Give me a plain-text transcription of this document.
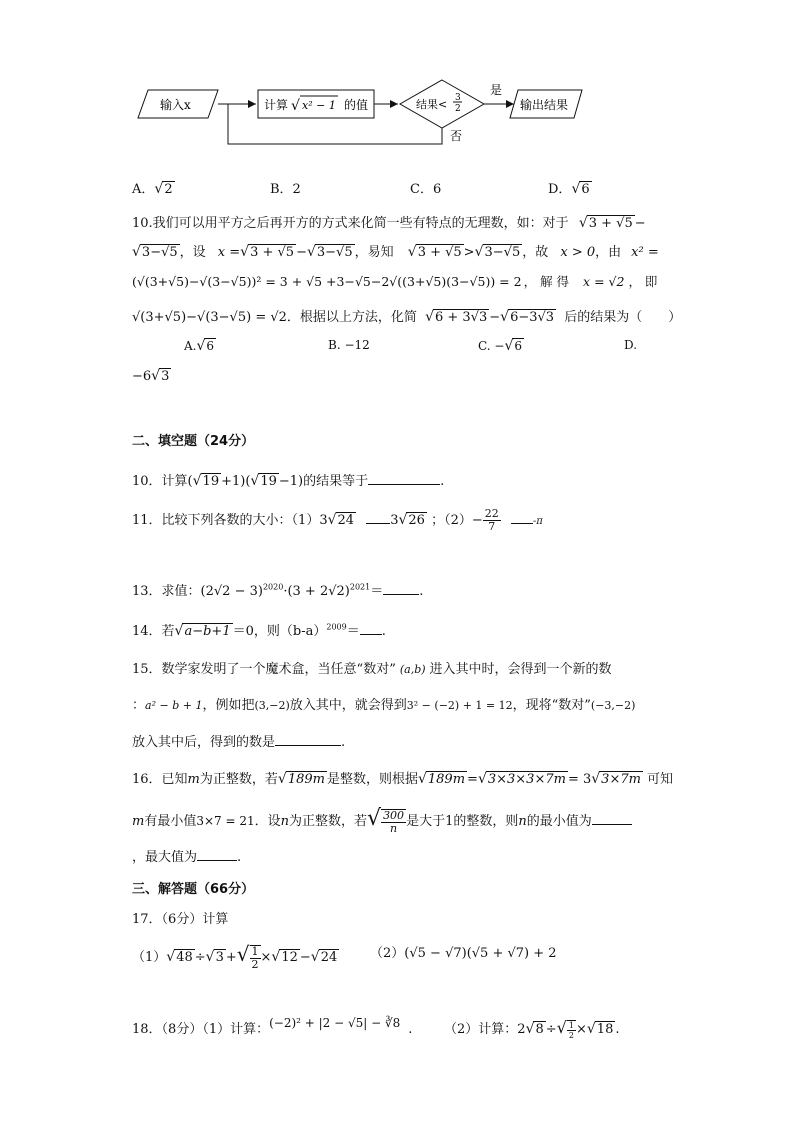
输入x	计算 √ x² − 1 的值	结果< 3
2
是
输出结果
否
A．√2	B．2	C．6	D．√6
10.我们可以用平方之后再开方的方式来化简一些有特点的无理数，如：对于 √3 + √5 −
√3−√5 ，设 x =√3 + √5 −√3−√5 ，易知 √3 + √5 >√3−√5 ，故 x > 0，由 x² =
(√(3+√5)−√(3−√5))² = 3 + √5 +3−√5−2√((3+√5)(3−√5)) = 2 ， 解 得 x = √2 ， 即
√(3+√5)−√(3−√5) = √2．根据以上方法，化简 √6 + 3√3 −√6−3√3 后的结果为（　　）
A.√6	B. −12	C. −√6	D.
−6√3
二、填空题（24分）
10．计算(√19 +1)(√19 −1)的结果等于	.
11．比较下列各数的大小：（1）3√24	3√26 ；$(2)- \frac{22}{7}$	-π
13．求值：$(2√2 - 3)^{2020}\cdot(3 + 2√2)^{2021}=$	.
14．若√a−b+1 ＝0，则$(b-a)^{2009}=$ .
15．数学家发明了一个魔术盒，当任意“数对” (a,b) 进入其中时，会得到一个新的数
：a² − b + 1，例如把(3,−2)放入其中，就会得到3² − (−2) + 1 = 12，现将“数对”(−3,−2)
放入其中后，得到的数是	.
16．已知m为正整数，若√189m 是整数，则根据√189m =√3×3×3×7m = 3√3×7m 可知
m有最小值3×7 = 21．设n为正整数，若√ $\frac{300}{n}$ 是大于1的整数，则n的最小值为
，最大值为	.
三、解答题（66分）
17．（6分）计算
（1）√48 ÷√3 +√ $\frac{1}{2} \times√12 -√24$	（2）(√5 − √7)(√5 + √7) + 2
18．（8分）（1）计算：(−2)² + |2 − √5| − ∛8 . （2）计算：2√8 ÷√ $\frac{1}{2} \times√18$ .
